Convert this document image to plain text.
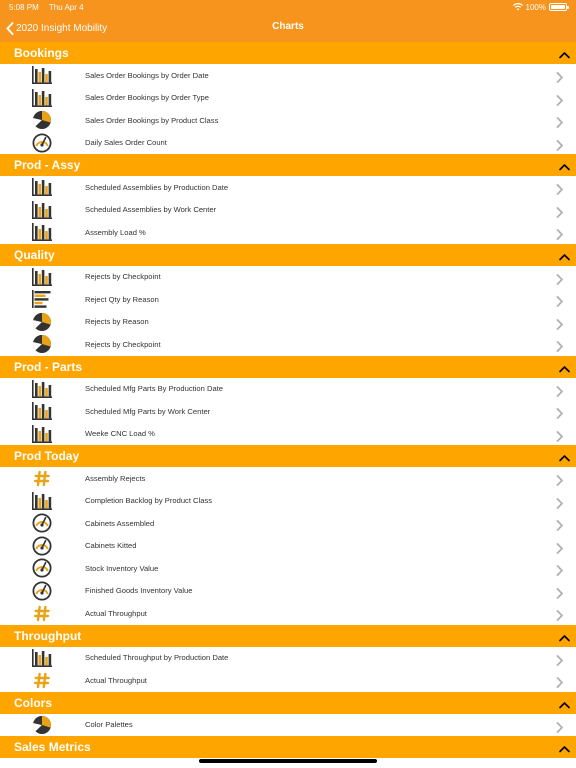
5:08 PM Thu Apr 4	100%
2020 Insight Mobility	Charts
Bookings
Sales Order Bookings by Order Date
Sales Order Bookings by Order Type
Sales Order Bookings by Product Class
Daily Sales Order Count
Prod - Assy
Scheduled Assemblies by Production Date
Scheduled Assemblies by Work Center
Assembly Load %
Quality
Rejects by Checkpoint
Reject Qty by Reason
Rejects by Reason
Rejects by Checkpoint
Prod - Parts
Scheduled Mfg Parts By Production Date
Scheduled Mfg Parts by Work Center
Weeke CNC Load %
Prod Today
Assembly Rejects
Completion Backlog by Product Class
Cabinets Assembled
Cabinets Kitted
Stock Inventory Value
Finished Goods Inventory Value
Actual Throughput
Throughput
Scheduled Throughput by Production Date
Actual Throughput
Colors
Color Palettes
Sales Metrics
